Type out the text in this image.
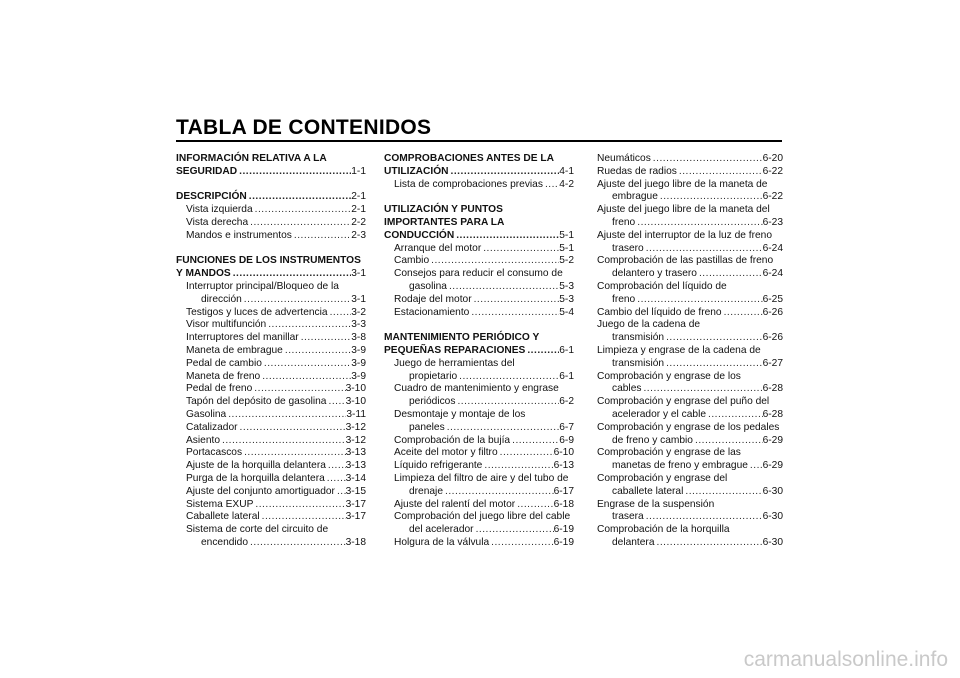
TABLA DE CONTENIDOS
INFORMACIÓN RELATIVA A LA
SEGURIDAD .....	1-1
DESCRIPCIÓN .....	2-1
Vista izquierda .....	2-1
Vista derecha .....	2-2
Mandos e instrumentos .....	2-3
FUNCIONES DE LOS INSTRUMENTOS
Y MANDOS .....	3-1
Interruptor principal/Bloqueo de la
dirección .....	3-1
Testigos y luces de advertencia ..... 3-2
Visor multifunción .....	3-3
Interruptores del manillar .....	3-8
Maneta de embrague .....	3-9
Pedal de cambio .....	3-9
Maneta de freno .....	3-9
Pedal de freno .....	3-10
Tapón del depósito de gasolina ..... 3-10
Gasolina .....	3-11
Catalizador .....	3-12
Asiento .....	3-12
Portacascos .....	3-13
Ajuste de la horquilla delantera ..... 3-13
Purga de la horquilla delantera ..... 3-14
Ajuste del conjunto amortiguador ..... 3-15
Sistema EXUP .....	3-17
Caballete lateral .....	3-17
Sistema de corte del circuito de
encendido .....	3-18
COMPROBACIONES ANTES DE LA
UTILIZACIÓN .....	4-1
Lista de comprobaciones previas ..... 4-2
UTILIZACIÓN Y PUNTOS
IMPORTANTES PARA LA
CONDUCCIÓN .....	5-1
Arranque del motor .....	5-1
Cambio .....	5-2
Consejos para reducir el consumo de
gasolina .....	5-3
Rodaje del motor .....	5-3
Estacionamiento .....	5-4
MANTENIMIENTO PERIÓDICO Y
PEQUEÑAS REPARACIONES .....	6-1
Juego de herramientas del
propietario .....	6-1
Cuadro de mantenimiento y engrase
periódicos .....	6-2
Desmontaje y montaje de los
paneles .....	6-7
Comprobación de la bujía .....	6-9
Aceite del motor y filtro .....	6-10
Líquido refrigerante .....	6-13
Limpieza del filtro de aire y del tubo de
drenaje .....	6-17
Ajuste del ralentí del motor .....	6-18
Comprobación del juego libre del cable
del acelerador .....	6-19
Holgura de la válvula .....	6-19
Neumáticos .....	6-20
Ruedas de radios .....	6-22
Ajuste del juego libre de la maneta de
embrague .....	6-22
Ajuste del juego libre de la maneta del
freno .....	6-23
Ajuste del interruptor de la luz de freno
trasero .....	6-24
Comprobación de las pastillas de freno
delantero y trasero .....	6-24
Comprobación del líquido de
freno .....	6-25
Cambio del líquido de freno .....	6-26
Juego de la cadena de
transmisión .....	6-26
Limpieza y engrase de la cadena de
transmisión .....	6-27
Comprobación y engrase de los
cables .....	6-28
Comprobación y engrase del puño del
acelerador y el cable .....	6-28
Comprobación y engrase de los pedales
de freno y cambio .....	6-29
Comprobación y engrase de las
manetas de freno y embrague ..... 6-29
Comprobación y engrase del
caballete lateral .....	6-30
Engrase de la suspensión
trasera .....	6-30
Comprobación de la horquilla
delantera .....	6-30
carmanualsonline.info
